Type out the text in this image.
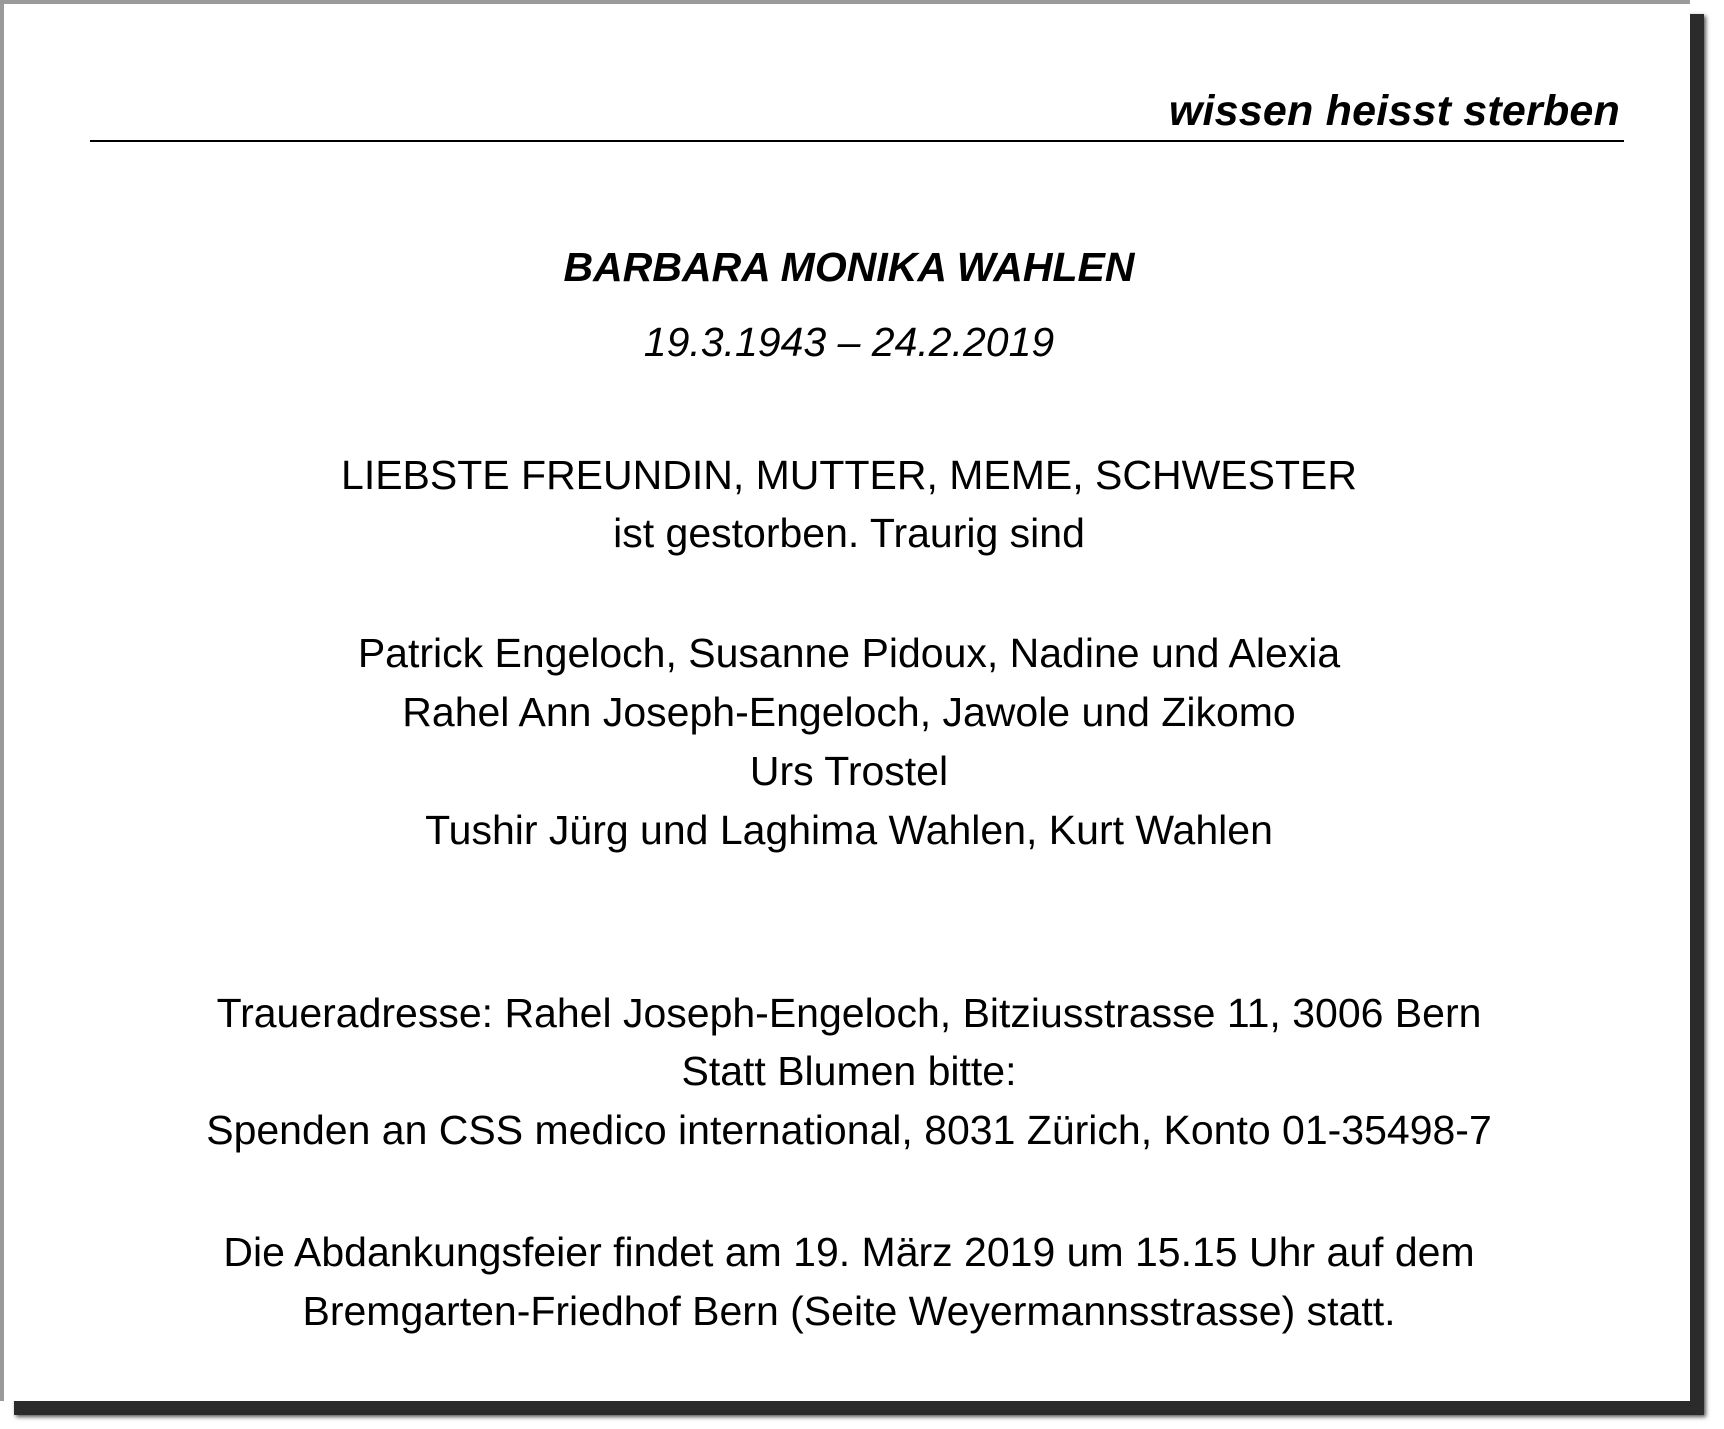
wissen heisst sterben
BARBARA MONIKA WAHLEN
19.3.1943 – 24.2.2019
LIEBSTE FREUNDIN, MUTTER, MEME, SCHWESTER
ist gestorben. Traurig sind
Patrick Engeloch, Susanne Pidoux, Nadine und Alexia
Rahel Ann Joseph-Engeloch, Jawole und Zikomo
Urs Trostel
Tushir Jürg und Laghima Wahlen, Kurt Wahlen
Traueradresse: Rahel Joseph-Engeloch, Bitziusstrasse 11, 3006 Bern
Statt Blumen bitte:
Spenden an CSS medico international, 8031 Zürich, Konto 01-35498-7
Die Abdankungsfeier findet am 19. März 2019 um 15.15 Uhr auf dem
Bremgarten-Friedhof Bern (Seite Weyermannsstrasse) statt.
